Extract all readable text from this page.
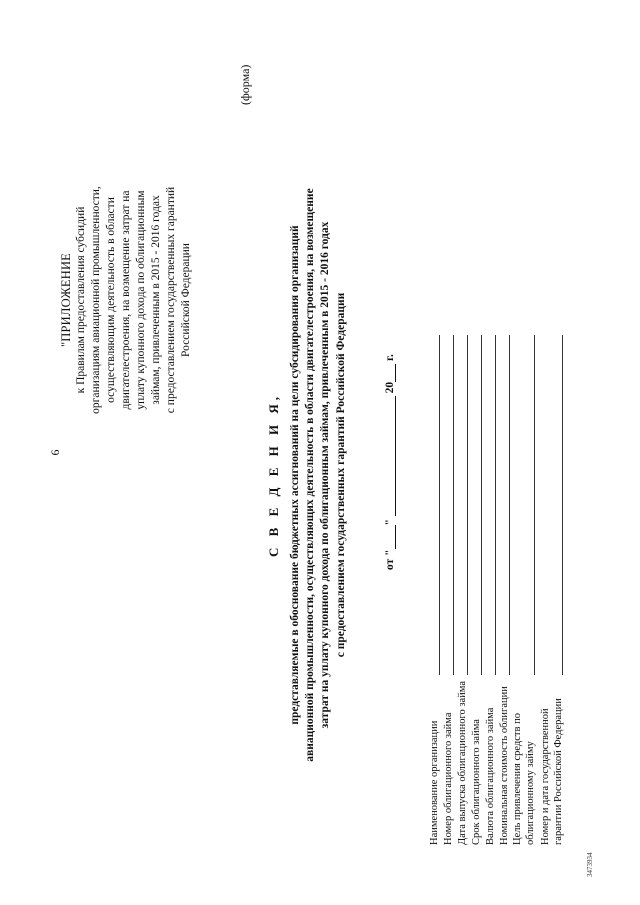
6
"ПРИЛОЖЕНИЕ к Правилам предоставления субсидий организациям авиационной промышленности, осуществляющим деятельность в области двигателестроения, на возмещение затрат на уплату купонного дохода по облигационным займам, привлеченным в 2015 - 2016 годах с предоставлением государственных гарантий Российской Федерации
(форма)
С В Е Д Е Н И Я, представляемые в обоснование бюджетных ассигнований на цели субсидирования организаций авиационной промышленности, осуществляющих деятельность в области двигателестроения, на возмещение затрат на уплату купонного дохода по облигационным займам, привлеченным в 2015 - 2016 годах с предоставлением государственных гарантий Российской Федерации	от " "   20  г.
Наименование организации Номер облигационного займа Дата выпуска облигационного займа Срок облигационного займа Валюта облигационного займа Номинальная стоимость облигации Цель привлечения средств по облигационному займу Номер и дата государственной гарантии Российской Федерации
3473934
